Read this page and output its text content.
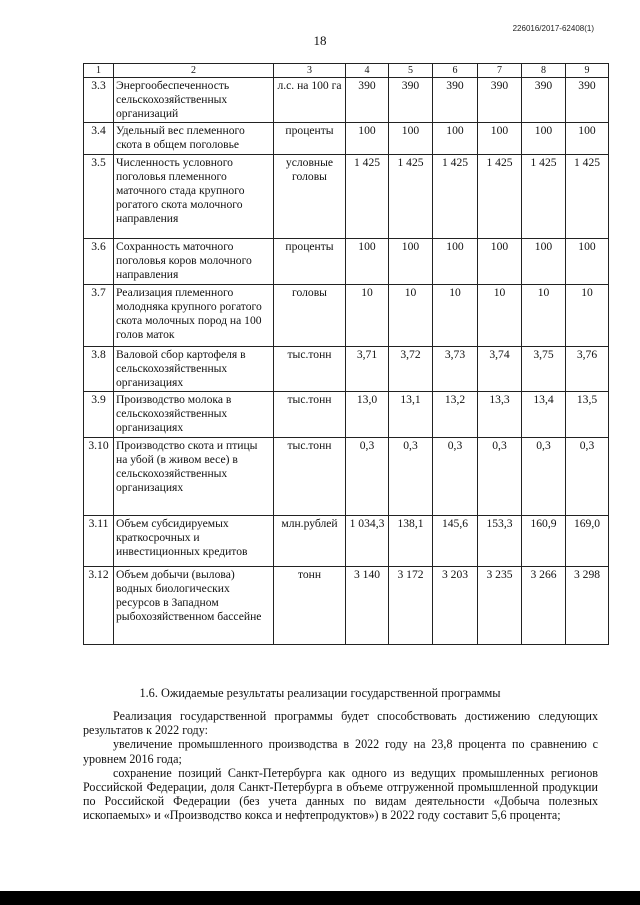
226016/2017-62408(1)
18
1	2	3	4	5	6	7	8	9
3.3	Энергообеспеченность сельскохозяйственных организаций	л.с. на 100 га	390	390	390	390	390	390
3.4	Удельный вес племенного скота в общем поголовье	проценты	100	100	100	100	100	100
3.5	Численность условного поголовья племенного маточного стада крупного рогатого скота молочного направления	условные головы	1 425	1 425	1 425	1 425	1 425	1 425
3.6	Сохранность маточного поголовья коров молочного направления	проценты	100	100	100	100	100	100
3.7	Реализация племенного молодняка крупного рогатого скота молочных пород на 100 голов маток	головы	10	10	10	10	10	10
3.8	Валовой сбор картофеля в сельскохозяйственных организациях	тыс.тонн	3,71	3,72	3,73	3,74	3,75	3,76
3.9	Производство молока в сельскохозяйственных организациях	тыс.тонн	13,0	13,1	13,2	13,3	13,4	13,5
3.10	Производство скота и птицы на убой (в живом весе) в сельскохозяйственных организациях	тыс.тонн	0,3	0,3	0,3	0,3	0,3	0,3
3.11	Объем субсидируемых краткосрочных и инвестиционных кредитов	млн.рублей	1 034,3	138,1	145,6	153,3	160,9	169,0
3.12	Объем добычи (вылова) водных биологических ресурсов в Западном рыбохозяйственном бассейне	тонн	3 140	3 172	3 203	3 235	3 266	3 298
1.6. Ожидаемые результаты реализации государственной программы

Реализация государственной программы будет способствовать достижению следующих результатов к 2022 году:

увеличение промышленного производства в 2022 году на 23,8 процента по сравнению с уровнем 2016 года;

сохранение позиций Санкт-Петербурга как одного из ведущих промышленных регионов Российской Федерации, доля Санкт-Петербурга в объеме отгруженной промышленной продукции по Российской Федерации (без учета данных по видам деятельности «Добыча полезных ископаемых» и «Производство кокса и нефтепродуктов») в 2022 году составит 5,6 процента;
